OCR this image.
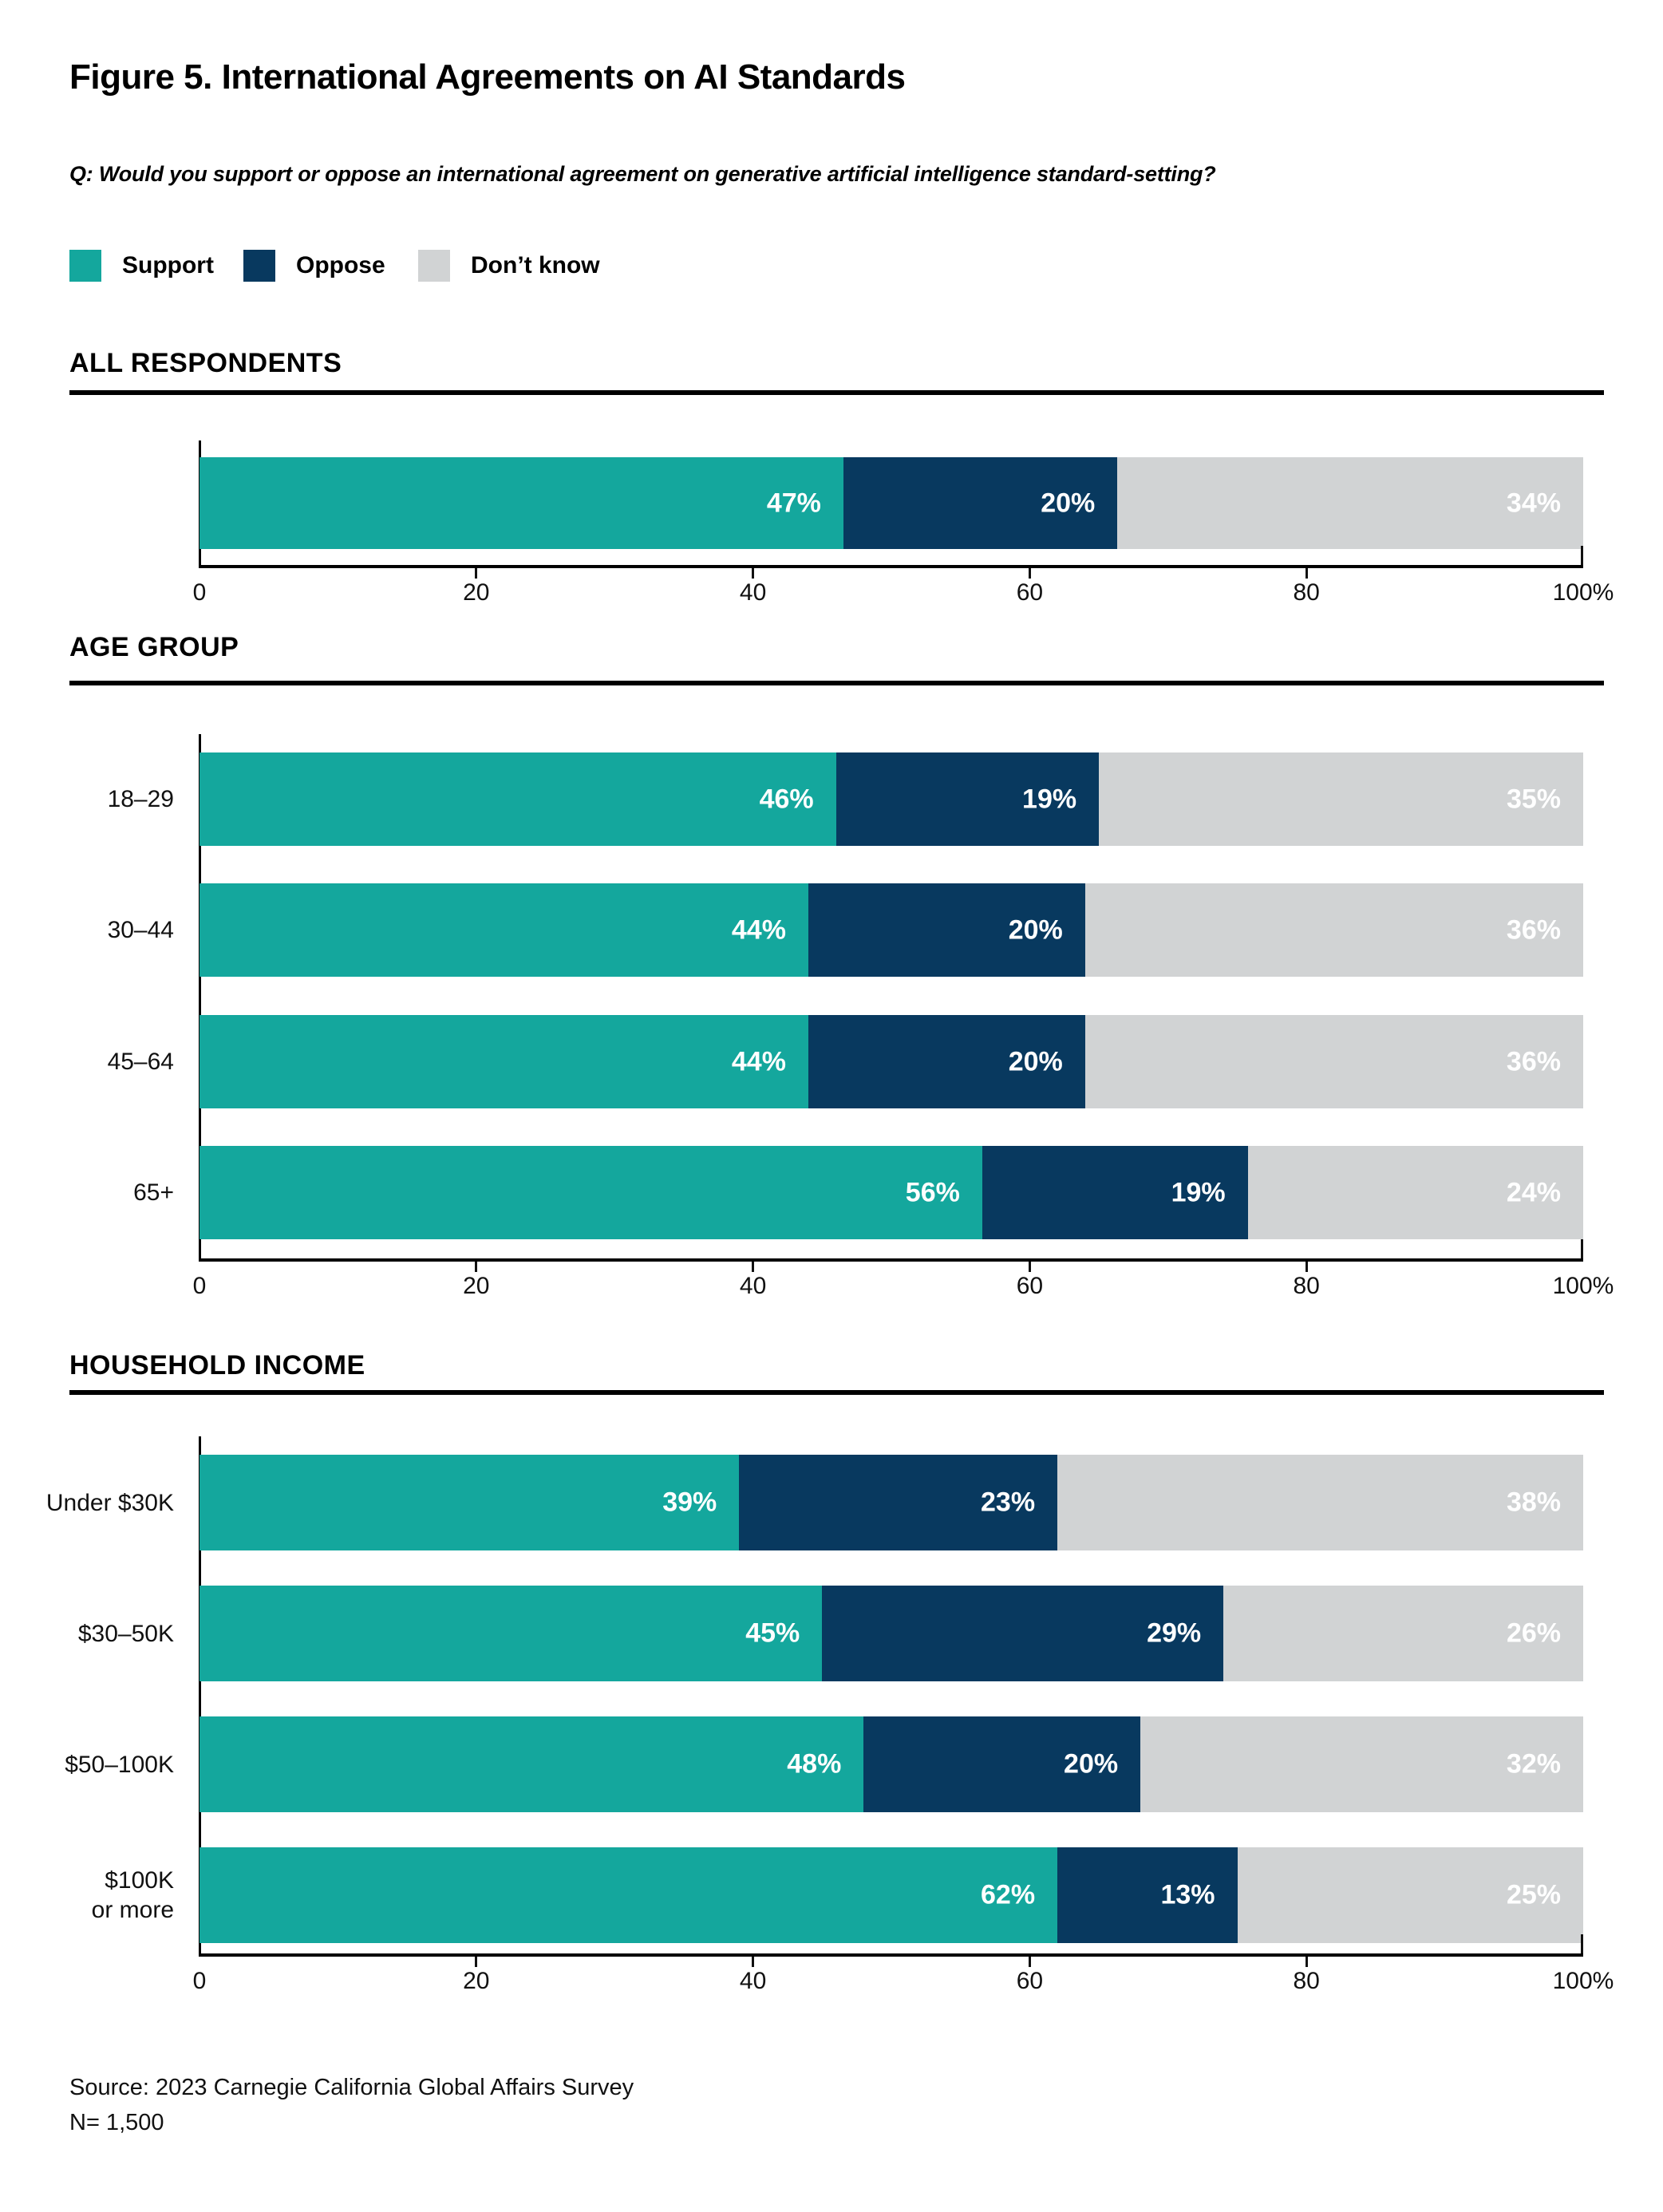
Figure 5. International Agreements on AI Standards
Q: Would you support or oppose an international agreement on generative artificial intelligence standard-setting?
Support	Oppose	Don’t know
ALL RESPONDENTS
47%	20%	34%
0	20	40	60	80	100%
AGE GROUP
18–29	46%	19%	35%
30–44	44%	20%	36%
45–64	44%	20%	36%
65+	56%	19%	24%
0	20	40	60	80	100%
HOUSEHOLD INCOME
Under $30K	39%	23%	38%
$30–50K	45%	29%	26%
$50–100K	48%	20%	32%
$100K
or more	62%	13%	25%
0	20	40	60	80	100%
Source: 2023 Carnegie California Global Affairs Survey
N= 1,500
